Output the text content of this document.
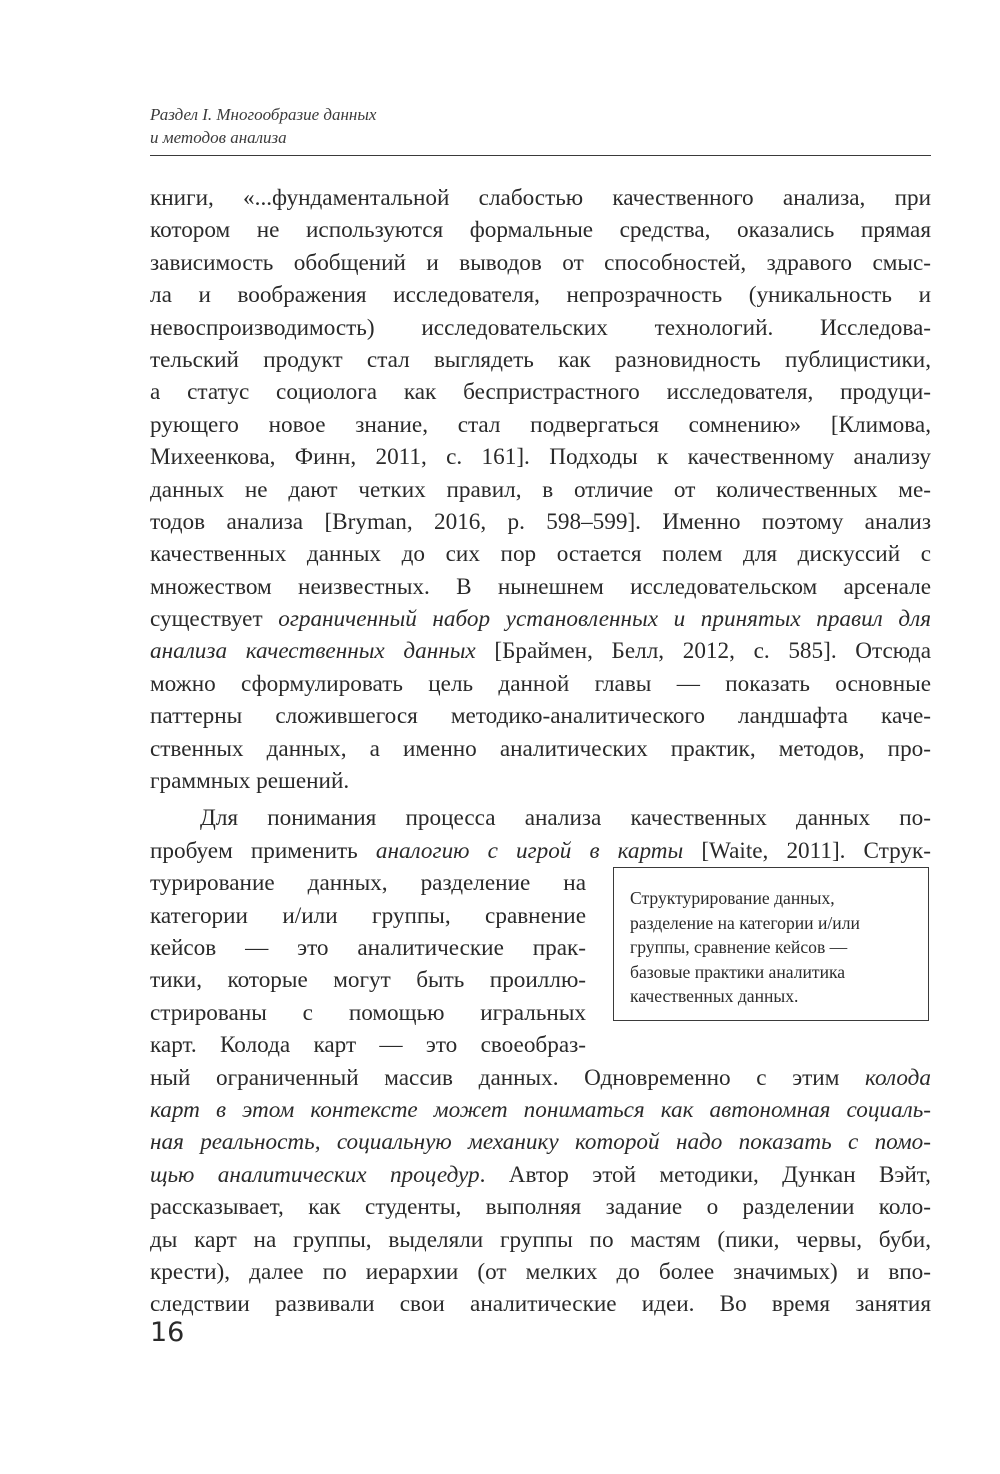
Раздел I. Многообразие данных
и методов анализа
книги, «...фундаментальной слабостью качественного анализа, при
котором не используются формальные средства, оказались прямая
зависимость обобщений и выводов от способностей, здравого смыс-
ла и воображения исследователя, непрозрачность (уникальность и
невоспроизводимость) исследовательских технологий. Исследова-
тельский продукт стал выглядеть как разновидность публицистики,
а статус социолога как беспристрастного исследователя, продуци-
рующего новое знание, стал подвергаться сомнению» [Климова,
Михеенкова, Финн, 2011, с. 161]. Подходы к качественному анализу
данных не дают четких правил, в отличие от количественных ме-
тодов анализа [Bryman, 2016, p. 598–599]. Именно поэтому анализ
качественных данных до сих пор остается полем для дискуссий с
множеством неизвестных. В нынешнем исследовательском арсенале
существует ограниченный набор установленных и принятых правил для
анализа качественных данных [Браймен, Белл, 2012, с. 585]. Отсюда
можно сформулировать цель данной главы — показать основные
паттерны сложившегося методико-аналитического ландшафта каче-
ственных данных, а именно аналитических практик, методов, про-
граммных решений.
Для понимания процесса анализа качественных данных по-
пробуем применить аналогию с игрой в карты [Waite, 2011]. Струк-
турирование данных, разделение на
категории и/или группы, сравнение
кейсов — это аналитические прак-
тики, которые могут быть проиллю-
стрированы с помощью игральных
карт. Колода карт — это своеобраз-
ный ограниченный массив данных. Одновременно с этим колода
карт в этом контексте может пониматься как автономная социаль-
ная реальность, социальную механику которой надо показать с помо-
щью аналитических процедур. Автор этой методики, Дункан Вэйт,
рассказывает, как студенты, выполняя задание о разделении коло-
ды карт на группы, выделяли группы по мастям (пики, червы, буби,
крести), далее по иерархии (от мелких до более значимых) и впо-
следствии развивали свои аналитические идеи. Во время занятия
Структурирование данных,
разделение на категории и/или
группы, сравнение кейсов —
базовые практики аналитика
качественных данных.
16
